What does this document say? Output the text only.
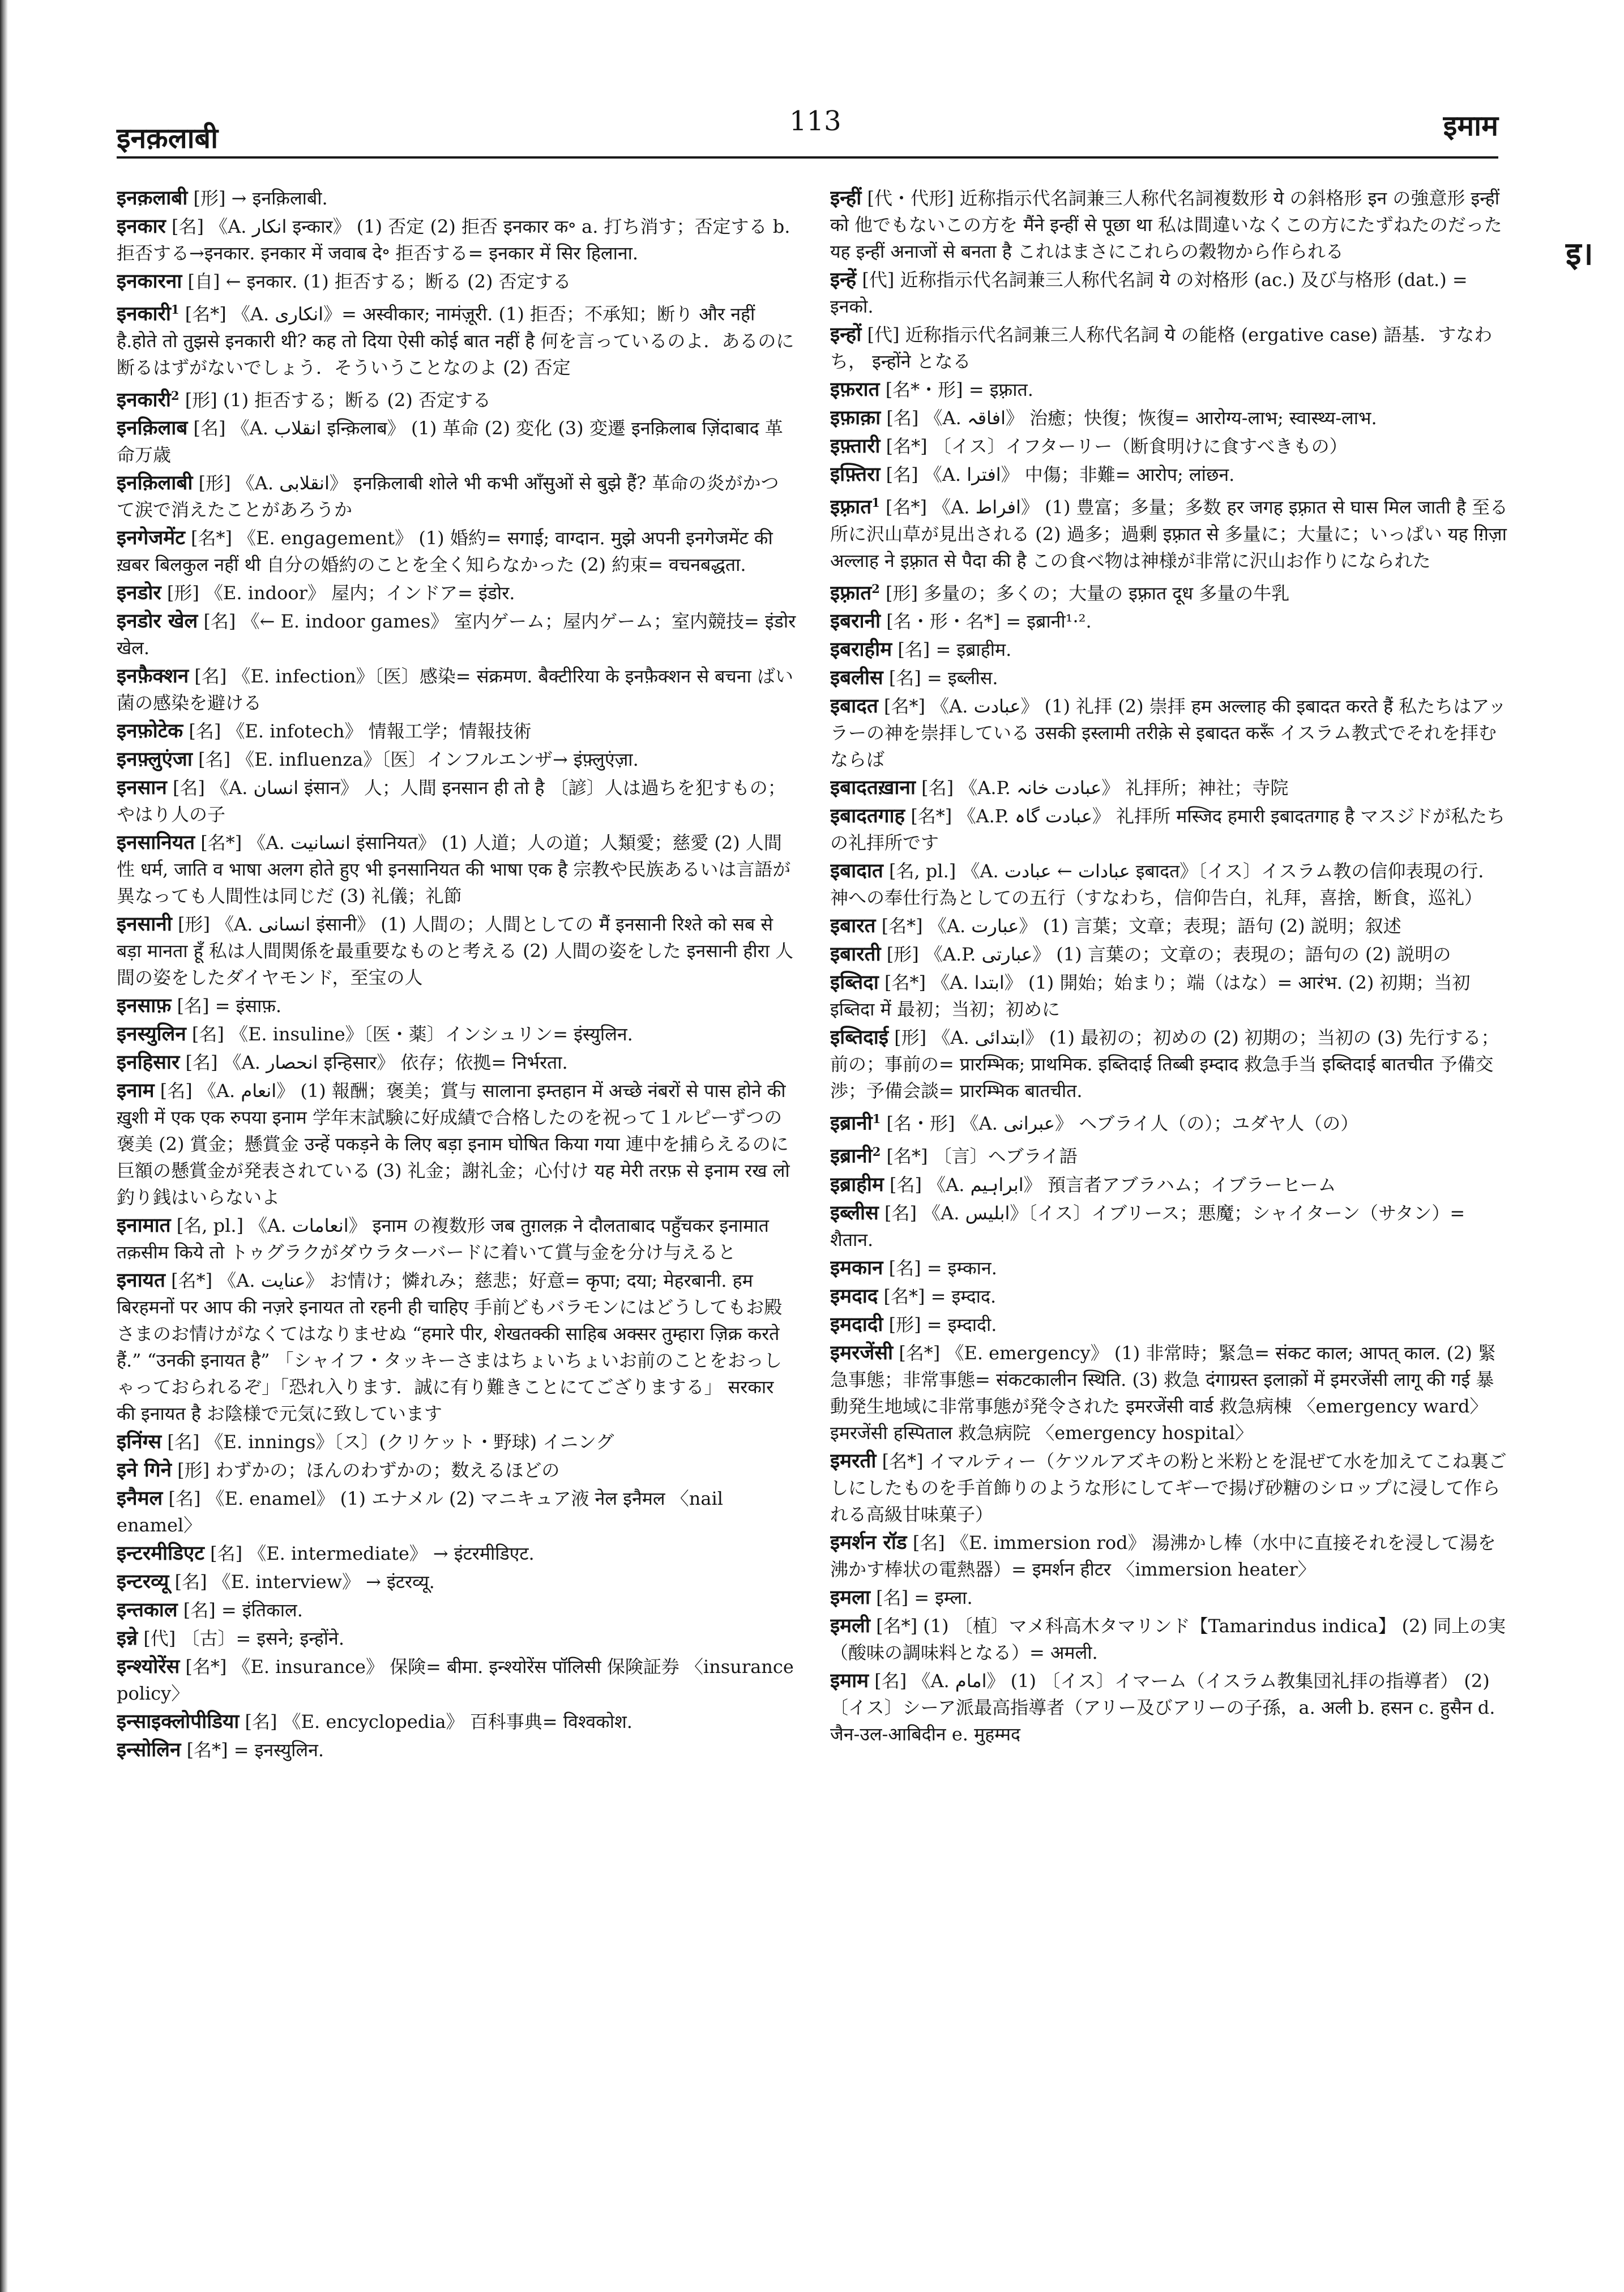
इनक़लाबी	113	इमाम
इ।

इनक़लाबी [形] → इनक़िलाबी.

इनकार [名] 《A. انکار इन्कार》 (1) 否定 (2) 拒否 इनकार क॰ a. 打ち消す；否定する b. 拒否する→इनकार. इनकार में जवाब दे॰ 拒否する= इनकार में सिर हिलाना.

इनकारना [自] ← इनकार. (1) 拒否する；断る (2) 否定する

इनकारी$^1$ [名*] 《A. انکاری》= अस्वीकार; नामंज़ूरी. (1) 拒否；不承知；断り और नहीं है.होते तो तुझसे इनकारी थी? कह तो दिया ऐसी कोई बात नहीं है 何を言っているのよ．あるのに断るはずがないでしょう．そういうことなのよ (2) 否定

इनकारी$^2$ [形] (1) 拒否する；断る (2) 否定する

इनक़िलाब [名] 《A. انقلاب इन्क़िलाब》 (1) 革命 (2) 変化 (3) 変遷 इनक़िलाब ज़िंदाबाद 革命万歳

इनक़िलाबी [形] 《A. انقلابی》 इनक़िलाबी शोले भी कभी आँसुओं से बुझे हैं? 革命の炎がかつて涙で消えたことがあろうか

इनगेजमेंट [名*] 《E. engagement》 (1) 婚約= सगाई; वाग्दान. मुझे अपनी इनगेजमेंट की ख़बर बिलकुल नहीं थी 自分の婚約のことを全く知らなかった (2) 約束= वचनबद्धता.

इनडोर [形] 《E. indoor》 屋内；インドア= इंडोर.

इनडोर खेल [名] 《← E. indoor games》 室内ゲーム；屋内ゲーム；室内競技= इंडोर खेल.

इनफ़ैक्शन [名] 《E. infection》〔医〕感染= संक्रमण. बैक्टीरिया के इनफ़ैक्शन से बचना ばい菌の感染を避ける

इनफ़ोटेक [名] 《E. infotech》 情報工学；情報技術

इनफ़्लुएंजा [名] 《E. influenza》〔医〕インフルエンザ→ इंफ़्लुएंज़ा.

इनसान [名] 《A. انسان इंसान》 人；人間 इनसान ही तो है 〔諺〕人は過ちを犯すもの；やはり人の子

इनसानियत [名*] 《A. انسانیت इंसानियत》 (1) 人道；人の道；人類愛；慈愛 (2) 人間性 धर्म, जाति व भाषा अलग होते हुए भी इनसानियत की भाषा एक है 宗教や民族あるいは言語が異なっても人間性は同じだ (3) 礼儀；礼節

इनसानी [形] 《A. انسانی इंसानी》 (1) 人間の；人間としての मैं इनसानी रिश्ते को सब से बड़ा मानता हूँ 私は人間関係を最重要なものと考える (2) 人間の姿をした इनसानी हीरा 人間の姿をしたダイヤモンド，至宝の人

इनसाफ़ [名] = इंसाफ़.

इनस्युलिन [名] 《E. insuline》〔医・薬〕インシュリン= इंस्युलिन.

इनहिसार [名] 《A. انحصار इन्हिसार》 依存；依拠= निर्भरता.

इनाम [名] 《A. انعام》 (1) 報酬；褒美；賞与 सालाना इम्तहान में अच्छे नंबरों से पास होने की ख़ुशी में एक एक रुपया इनाम 学年末試験に好成績で合格したのを祝って１ルピーずつの褒美 (2) 賞金；懸賞金 उन्हें पकड़ने के लिए बड़ा इनाम घोषित किया गया 連中を捕らえるのに巨額の懸賞金が発表されている (3) 礼金；謝礼金；心付け यह मेरी तरफ़ से इनाम रख लो 釣り銭はいらないよ

इनामात [名, pl.] 《A. انعامات》 इनाम の複数形 जब तुग़लक़ ने दौलताबाद पहुँचकर इनामात तक़सीम किये तो トゥグラクがダウラターバードに着いて賞与金を分け与えると

इनायत [名*] 《A. عنایت》 お情け；憐れみ；慈悲；好意= कृपा; दया; मेहरबानी. हम बिरहमनों पर आप की नज़रे इनायत तो रहनी ही चाहिए 手前どもバラモンにはどうしてもお殿さまのお情けがなくてはなりませぬ “हमारे पीर, शेखतक्की साहिब अक्सर तुम्हारा ज़िक्र करते हैं.” “उनकी इनायत है” 「シャイフ・タッキーさまはちょいちょいお前のことをおっしゃっておられるぞ」「恐れ入ります．誠に有り難きことにてござりまする」 सरकार की इनायत है お陰様で元気に致しています

इनिंग्स [名] 《E. innings》〔ス〕(クリケット・野球) イニング

इने गिने [形] わずかの；ほんのわずかの；数えるほどの

इनैमल [名] 《E. enamel》 (1) エナメル (2) マニキュア液 नेल इनैमल 〈nail enamel〉

इन्टरमीडिएट [名] 《E. intermediate》 → इंटरमीडिएट.

इन्टरव्यू [名] 《E. interview》 → इंटरव्यू.

इन्तकाल [名] = इंतिकाल.

इन्ने [代] 〔古〕= इसने; इन्होंने.

इन्श्योरेंस [名*] 《E. insurance》 保険= बीमा. इन्श्योरेंस पॉलिसी 保険証券 〈insurance policy〉

इन्साइक्लोपीडिया [名] 《E. encyclopedia》 百科事典= विश्वकोश.

इन्सोलिन [名*] = इनस्युलिन.

इन्हीं [代・代形] 近称指示代名詞兼三人称代名詞複数形 ये の斜格形 इन の強意形 इन्हीं को 他でもないこの方を मैंने इन्हीं से पूछा था 私は間違いなくこの方にたずねたのだった यह इन्हीं अनाजों से बनता है これはまさにこれらの穀物から作られる

इन्हें [代] 近称指示代名詞兼三人称代名詞 ये の対格形 (ac.) 及び与格形 (dat.) = इनको.

इन्हों [代] 近称指示代名詞兼三人称代名詞 ये の能格 (ergative case) 語基．すなわち， इन्होंने となる

इफ़रात [名*・形] = इफ़्रात.

इफ़ाक़ा [名] 《A. افاقہ》 治癒；快復；恢復= आरोग्य-लाभ; स्वास्थ्य-लाभ.

इफ़्तारी [名*] 〔イス〕イフターリー（断食明けに食すべきもの）

इफ़्तिरा [名] 《A. افترا》 中傷；非難= आरोप; लांछन.

इफ़्रात$^1$ [名*] 《A. افراط》 (1) 豊富；多量；多数 हर जगह इफ़्रात से घास मिल जाती है 至る所に沢山草が見出される (2) 過多；過剰 इफ़्रात से 多量に；大量に；いっぱい यह ग़िज़ा अल्लाह ने इफ़्रात से पैदा की है この食べ物は神様が非常に沢山お作りになられた

इफ़्रात$^2$ [形] 多量の；多くの；大量の इफ़्रात दूध 多量の牛乳

इबरानी [名・形・名*] = इब्रानी¹·².

इबराहीम [名] = इब्राहीम.

इबलीस [名] = इब्लीस.

इबादत [名*] 《A. عبادت》 (1) 礼拝 (2) 崇拝 हम अल्लाह की इबादत करते हैं 私たちはアッラーの神を崇拝している उसकी इस्लामी तरीक़े से इबादत करूँ イスラム教式でそれを拝むならば

इबादतख़ाना [名] 《A.P. عبادت خانہ》 礼拝所；神社；寺院

इबादतगाह [名*] 《A.P. عبادت گاہ》 礼拝所 मस्जिद हमारी इबादतगाह है マスジドが私たちの礼拝所です

इबादात [名, pl.] 《A. عبادات ← عبادت इबादत》〔イス〕イスラム教の信仰表現の行．神への奉仕行為としての五行（すなわち，信仰告白，礼拜，喜捨，断食，巡礼）

इबारत [名*] 《A. عبارت》 (1) 言葉；文章；表現；語句 (2) 説明；叙述

इबारती [形] 《A.P. عبارتی》 (1) 言葉の；文章の；表現の；語句の (2) 説明の

इब्तिदा [名*] 《A. ابتدا》 (1) 開始；始まり；端（はな）= आरंभ. (2) 初期；当初 इब्तिदा में 最初；当初；初めに

इब्तिदाई [形] 《A. ابتدائی》 (1) 最初の；初めの (2) 初期の；当初の (3) 先行する；前の；事前の= प्रारम्भिक; प्राथमिक. इब्तिदाई तिब्बी इम्दाद 救急手当 इब्तिदाई बातचीत 予備交渉；予備会談= प्रारम्भिक बातचीत.

इब्रानी$^1$ [名・形] 《A. عبرانی》 ヘブライ人（の）；ユダヤ人（の）

इब्रानी$^2$ [名*] 〔言〕ヘブライ語

इब्राहीम [名] 《A. ابراہیم》 預言者アブラハム；イブラーヒーム

इब्लीस [名] 《A. ابلیس》〔イス〕イブリース；悪魔；シャイターン（サタン）= शैतान.

इमकान [名] = इम्कान.

इमदाद [名*] = इम्दाद.

इमदादी [形] = इम्दादी.

इमरजेंसी [名*] 《E. emergency》 (1) 非常時；緊急= संकट काल; आपत् काल. (2) 緊急事態；非常事態= संकटकालीन स्थिति. (3) 救急 दंगाग्रस्त इलाक़ों में इमरजेंसी लागू की गई 暴動発生地域に非常事態が発令された इमरजेंसी वार्ड 救急病棟 〈emergency ward〉 इमरजेंसी हस्पिताल 救急病院 〈emergency hospital〉

इमरती [名*] イマルティー（ケツルアズキの粉と米粉とを混ぜて水を加えてこね裏ごしにしたものを手首飾りのような形にしてギーで揚げ砂糖のシロップに浸して作られる高級甘味菓子）

इमर्शन रॉड [名] 《E. immersion rod》 湯沸かし棒（水中に直接それを浸して湯を沸かす棒状の電熱器）= इमर्शन हीटर 〈immersion heater〉

इमला [名] = इम्ला.

इमली [名*] (1) 〔植〕マメ科高木タマリンド【Tamarindus indica】 (2) 同上の実（酸味の調味料となる）= अमली.

इमाम [名] 《A. امام》 (1) 〔イス〕イマーム（イスラム教集団礼拝の指導者） (2) 〔イス〕シーア派最高指導者（アリー及びアリーの子孫，a. अली b. हसन c. हुसैन d. जैन-उल-आबिदीन e. मुहम्मद
